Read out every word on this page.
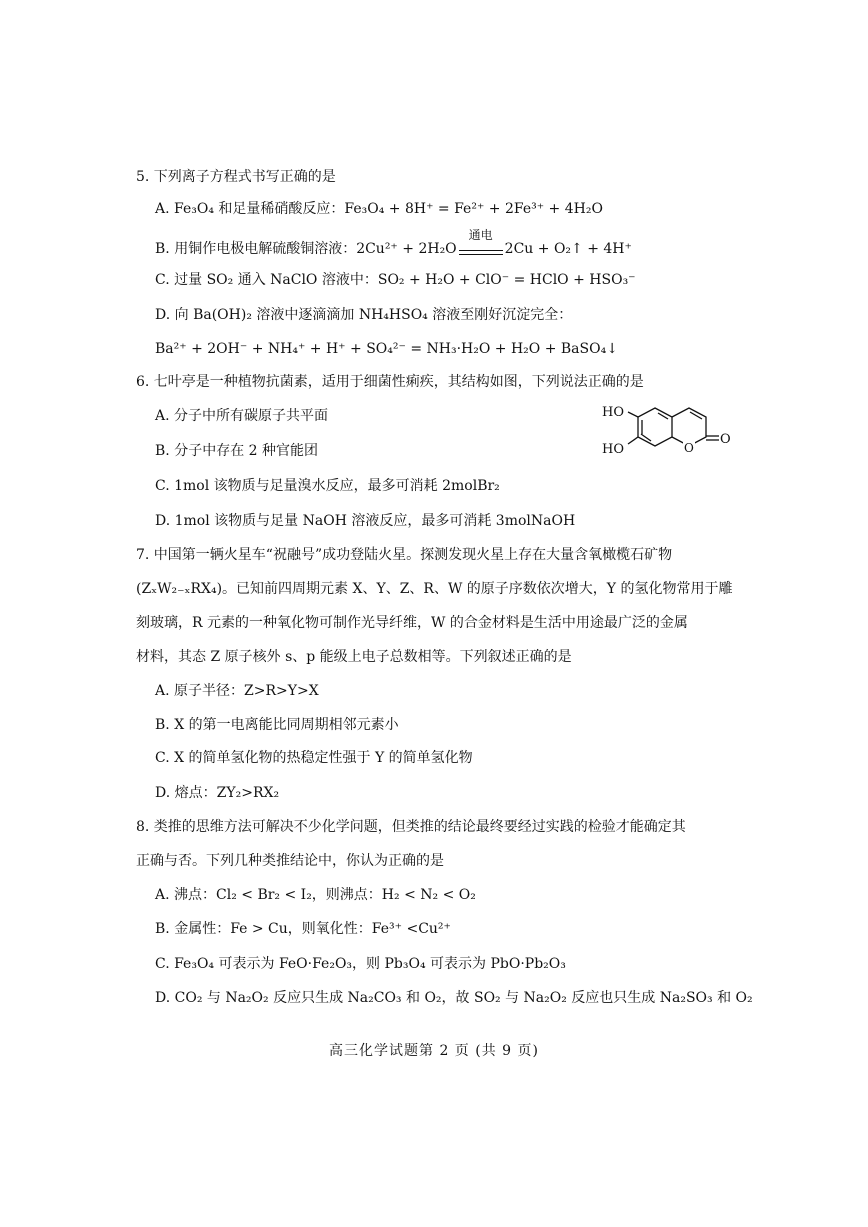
5. 下列离子方程式书写正确的是
A. Fe₃O₄ 和足量稀硝酸反应：Fe₃O₄ + 8H⁺ = Fe²⁺ + 2Fe³⁺ + 4H₂O
B. 用铜作电极电解硫酸铜溶液：2Cu²⁺ + 2H₂O
通电
2Cu + O₂↑ + 4H⁺
C. 过量 SO₂ 通入 NaClO 溶液中：SO₂ + H₂O + ClO⁻ = HClO + HSO₃⁻
D. 向 Ba(OH)₂ 溶液中逐滴滴加 NH₄HSO₄ 溶液至刚好沉淀完全：
Ba²⁺ + 2OH⁻ + NH₄⁺ + H⁺ + SO₄²⁻ = NH₃·H₂O + H₂O + BaSO₄↓
6. 七叶亭是一种植物抗菌素，适用于细菌性痢疾，其结构如图，下列说法正确的是
A. 分子中所有碳原子共平面
B. 分子中存在 2 种官能团
C. 1mol 该物质与足量溴水反应，最多可消耗 2molBr₂
D. 1mol 该物质与足量 NaOH 溶液反应，最多可消耗 3molNaOH
HO
HO	O
O
7. 中国第一辆火星车“祝融号”成功登陆火星。探测发现火星上存在大量含氧橄榄石矿物
(ZₓW₂₋ₓRX₄)。已知前四周期元素 X、Y、Z、R、W 的原子序数依次增大，Y 的氢化物常用于雕
刻玻璃，R 元素的一种氧化物可制作光导纤维，W 的合金材料是生活中用途最广泛的金属
材料，其态 Z 原子核外 s、p 能级上电子总数相等。下列叙述正确的是
A. 原子半径：Z>R>Y>X
B. X 的第一电离能比同周期相邻元素小
C. X 的简单氢化物的热稳定性强于 Y 的简单氢化物
D. 熔点：ZY₂>RX₂
8. 类推的思维方法可解决不少化学问题，但类推的结论最终要经过实践的检验才能确定其
正确与否。下列几种类推结论中，你认为正确的是
A. 沸点：Cl₂ < Br₂ < I₂，则沸点：H₂ < N₂ < O₂
B. 金属性：Fe > Cu，则氧化性：Fe³⁺ <Cu²⁺
C. Fe₃O₄ 可表示为 FeO·Fe₂O₃，则 Pb₃O₄ 可表示为 PbO·Pb₂O₃
D. CO₂ 与 Na₂O₂ 反应只生成 Na₂CO₃ 和 O₂，故 SO₂ 与 Na₂O₂ 反应也只生成 Na₂SO₃ 和 O₂
高三化学试题第 2 页 (共 9 页)
